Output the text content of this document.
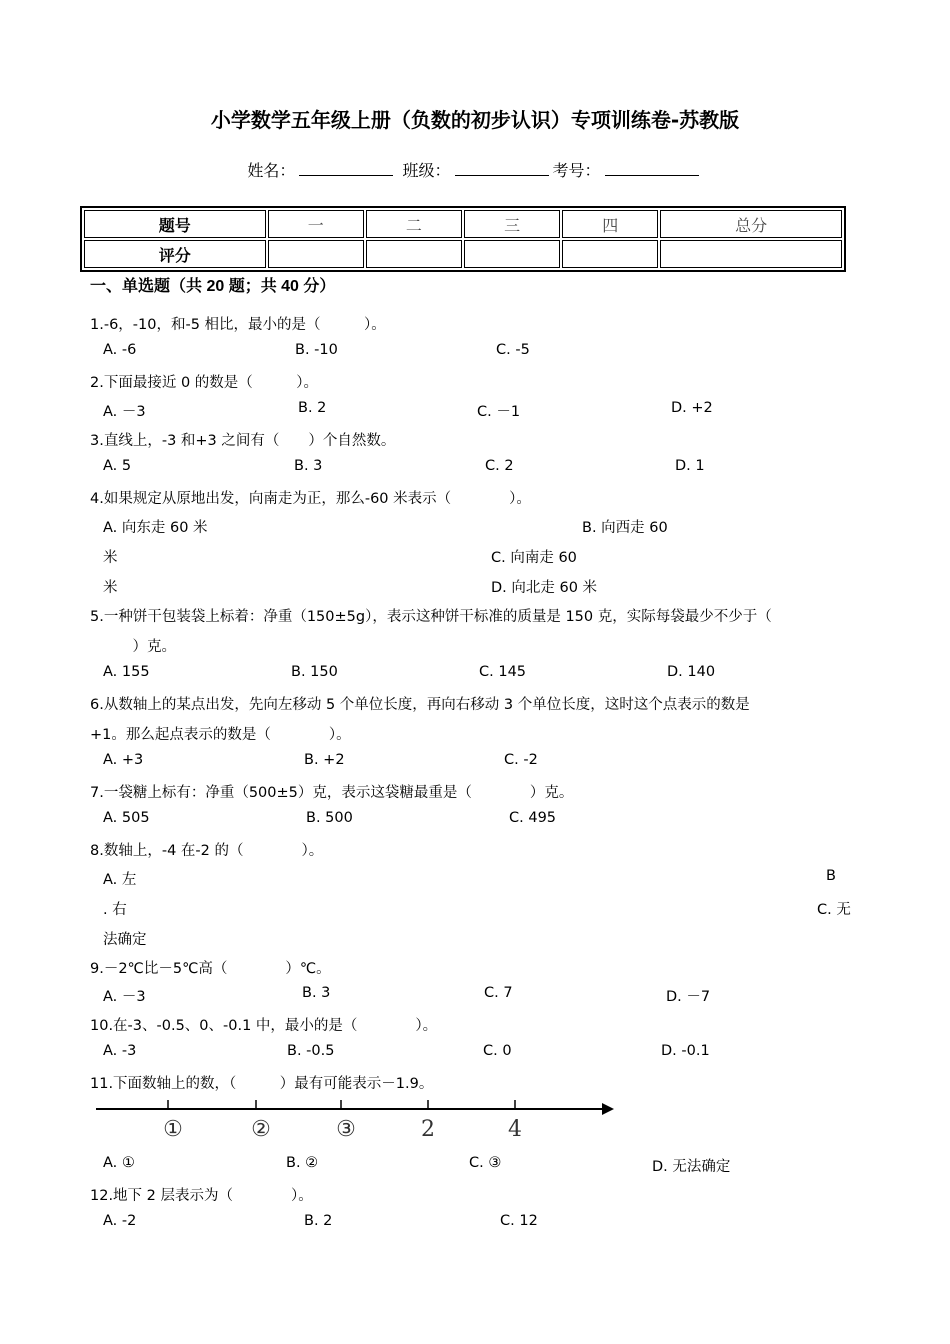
小学数学五年级上册（负数的初步认识）专项训练卷-苏教版
姓名：	班级：	考号：
题号	一	二	三	四	总分
评分					
一、单选题（共 20 题；共 40 分）
1.-6，-10，和-5 相比，最小的是（　　　）。
A. -6	B. -10	C. -5
2.下面最接近 0 的数是（　　　）。
A. －3	B. 2	C. －1	D. +2
3.直线上，-3 和+3 之间有（　　）个自然数。
A. 5	B. 3	C. 2	D. 1
4.如果规定从原地出发，向南走为正，那么-60 米表示（　　　　）。
A. 向东走 60 米	B. 向西走 60
米	C. 向南走 60
米	D. 向北走 60 米
5.一种饼干包装袋上标着：净重（150±5g），表示这种饼干标准的质量是 150 克，实际每袋最少不少于（
　）克。
A. 155	B. 150	C. 145	D. 140
6.从数轴上的某点出发，先向左移动 5 个单位长度，再向右移动 3 个单位长度，这时这个点表示的数是
+1。那么起点表示的数是（　　　　）。
A. +3	B. +2	C. -2
7.一袋糖上标有：净重（500±5）克，表示这袋糖最重是（　　　　）克。
A. 505	B. 500	C. 495
8.数轴上，-4 在-2 的（　　　　）。
A. 左	B
. 右	C. 无
法确定
9.－2℃比－5℃高（　　　　）℃。
A. －3	B. 3	C. 7	D. －7
10.在-3、-0.5、0、-0.1 中，最小的是（　　　　）。
A. -3	B. -0.5	C. 0	D. -0.1
11.下面数轴上的数，（　　　）最有可能表示－1.9。
①	②	③	2	4
A. ①	B. ②	C. ③	D. 无法确定
12.地下 2 层表示为（　　　　）。
A. -2	B. 2	C. 12
